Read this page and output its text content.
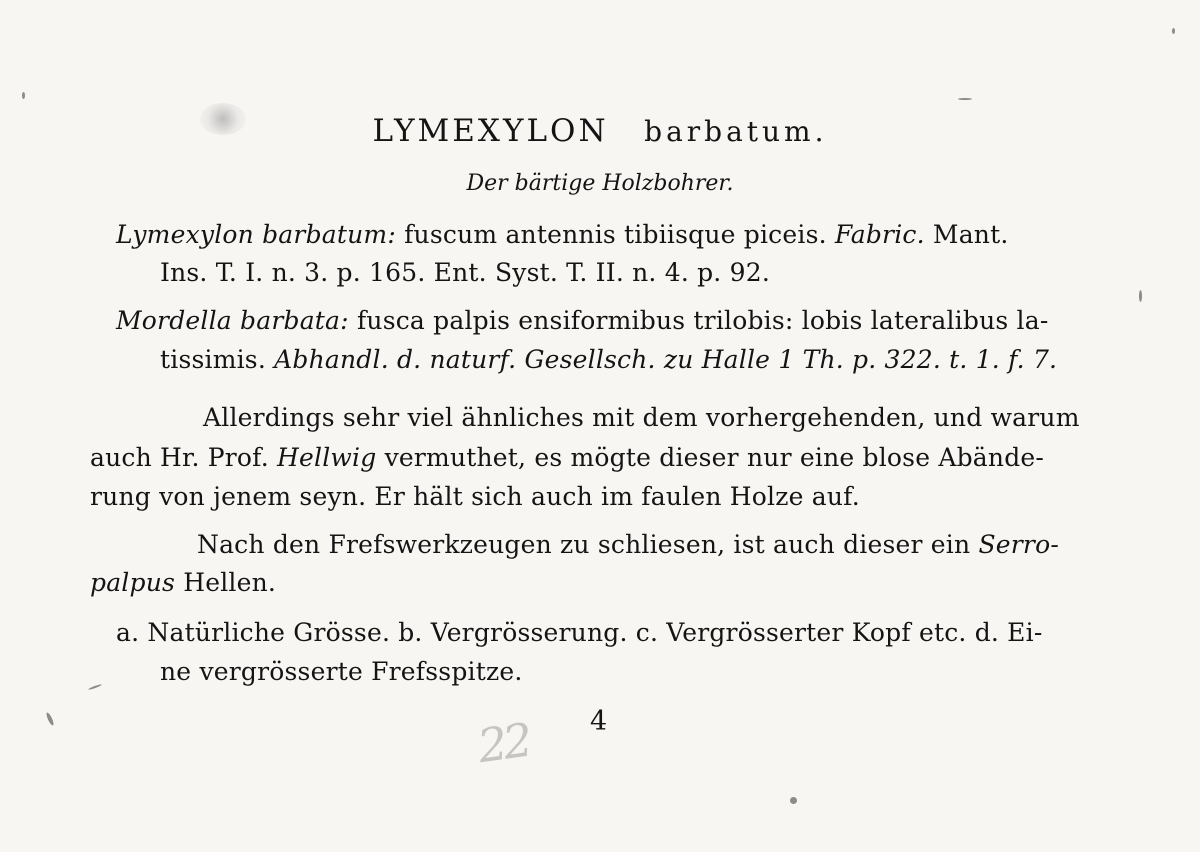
LYMEXYLON barbatum.
Der bärtige Holzbohrer.
Lymexylon barbatum: fuscum antennis tibiisque piceis. Fabric. Mant.
Ins. T. I. n. 3. p. 165. Ent. Syst. T. II. n. 4. p. 92.
Mordella barbata: fusca palpis ensiformibus trilobis: lobis lateralibus la-
tissimis. Abhandl. d. naturf. Gesellsch. zu Halle 1 Th. p. 322. t. 1. f. 7.
Allerdings sehr viel ähnliches mit dem vorhergehenden, und warum
auch Hr. Prof. Hellwig vermuthet, es mögte dieser nur eine blose Abände-
rung von jenem seyn. Er hält sich auch im faulen Holze auf.
Nach den Frefswerkzeugen zu schliesen, ist auch dieser ein Serro-
palpus Hellen.
a. Natürliche Grösse. b. Vergrösserung. c. Vergrösserter Kopf etc. d. Ei-
ne vergrösserte Frefsspitze.
4
22
